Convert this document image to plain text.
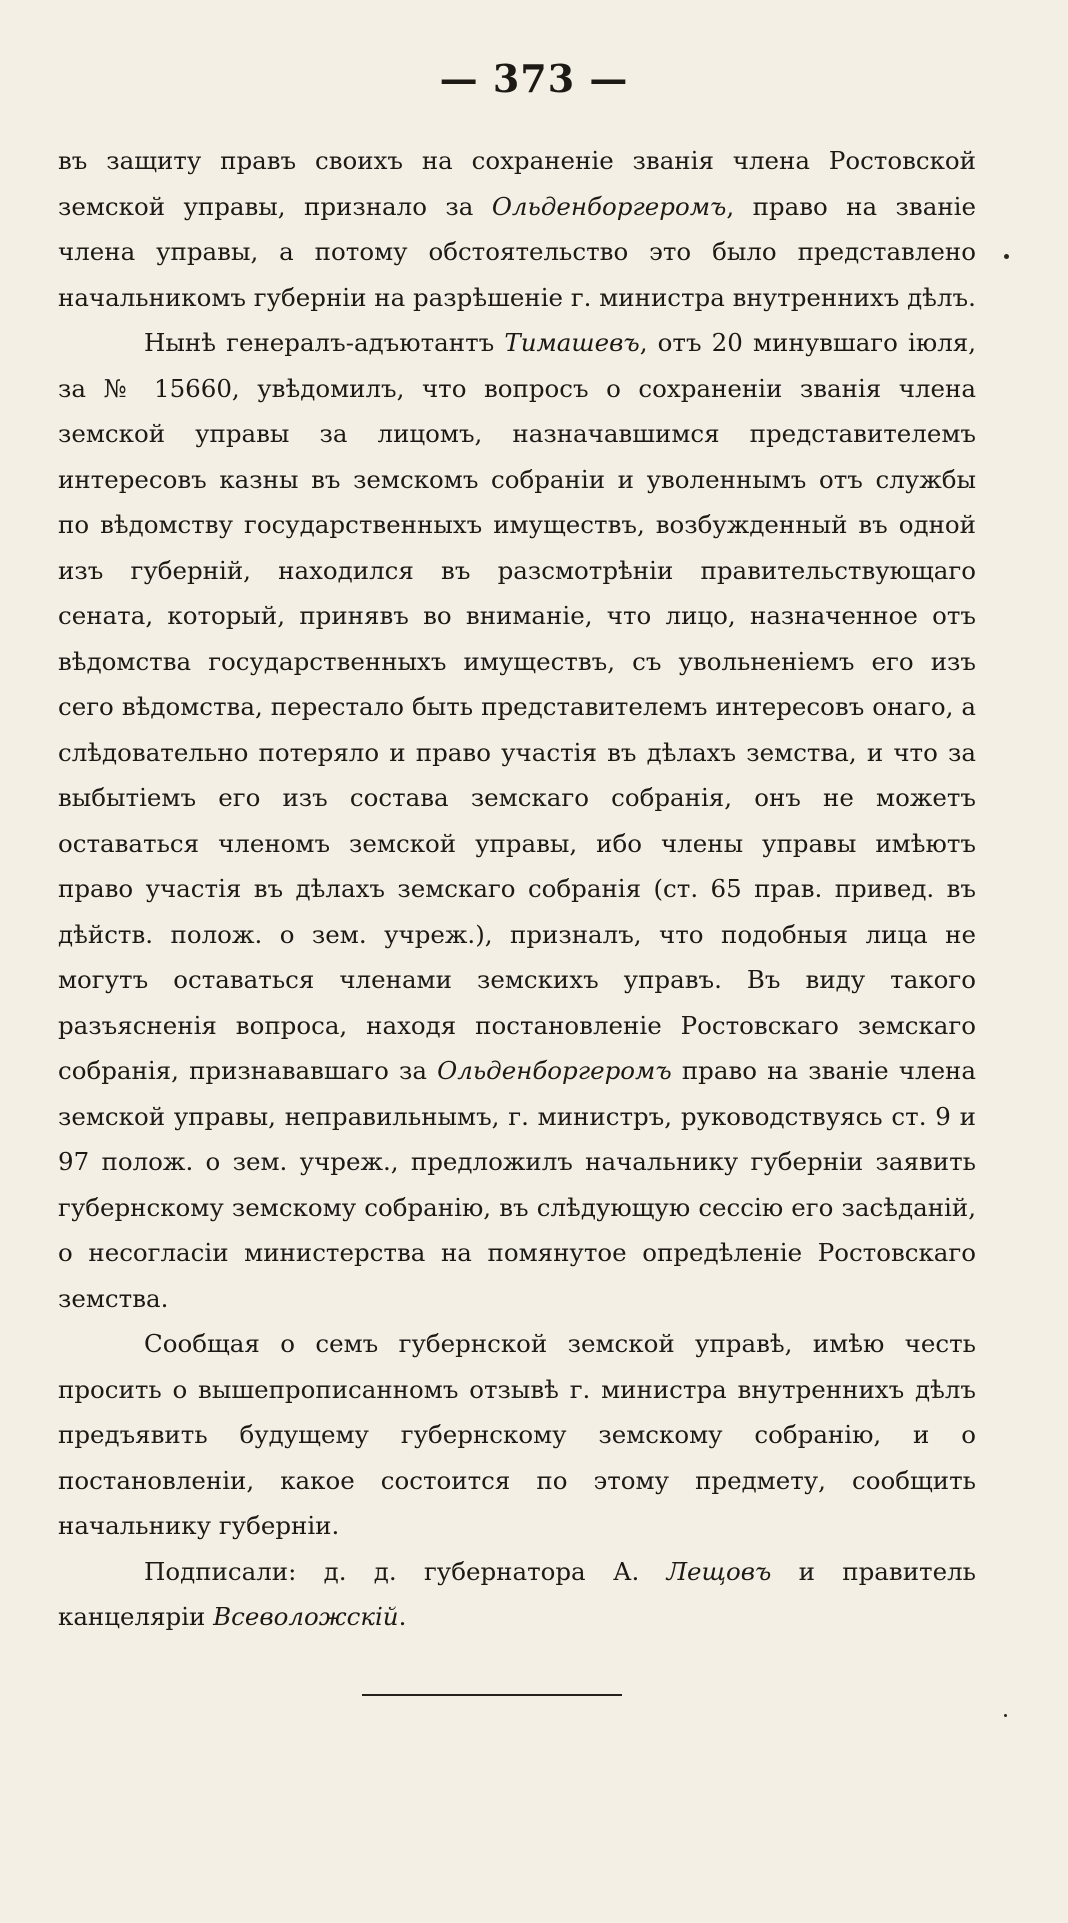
— 373 —

въ защиту правъ своихъ на сохраненіе званія члена Ростовской земской управы, признало за Ольденборгеромъ, право на званіе члена управы, а потому обстоятельство это было представлено начальникомъ губерніи на разрѣшеніе г. министра внутреннихъ дѣлъ.

Нынѣ генералъ-адъютантъ Тимашевъ, отъ 20 минувшаго іюля, за № 15660, увѣдомилъ, что вопросъ о сохраненіи званія члена земской управы за лицомъ, назначавшимся представителемъ интересовъ казны въ земскомъ собраніи и уволеннымъ отъ службы по вѣдомству государственныхъ имуществъ, возбужденный въ одной изъ губерній, находился въ разсмотрѣніи правительствующаго сената, который, принявъ во вниманіе, что лицо, назначенное отъ вѣдомства государственныхъ имуществъ, съ увольненіемъ его изъ сего вѣдомства, перестало быть представителемъ интересовъ онаго, а слѣдовательно потеряло и право участія въ дѣлахъ земства, и что за выбытіемъ его изъ состава земскаго собранія, онъ не можетъ оставаться членомъ земской управы, ибо члены управы имѣютъ право участія въ дѣлахъ земскаго собранія (ст. 65 прав. привед. въ дѣйств. полож. о зем. учреж.), призналъ, что подобныя лица не могутъ оставаться членами земскихъ управъ. Въ виду такого разъясненія вопроса, находя постановленіе Ростовскаго земскаго собранія, признававшаго за Ольденборгеромъ право на званіе члена земской управы, неправильнымъ, г. министръ, руководствуясь ст. 9 и 97 полож. о зем. учреж., предложилъ начальнику губерніи заявить губернскому земскому собранію, въ слѣдующую сессію его засѣданій, о несогласіи министерства на помянутое опредѣленіе Ростовскаго земства.

Сообщая о семъ губернской земской управѣ, имѣю честь просить о вышепрописанномъ отзывѣ г. министра внутреннихъ дѣлъ предъявить будущему губернскому земскому собранію, и о постановленіи, какое состоится по этому предмету, сообщить начальнику губерніи.

Подписали: д. д. губернатора А. Лещовъ и правитель канцеляріи Всеволожскій.
